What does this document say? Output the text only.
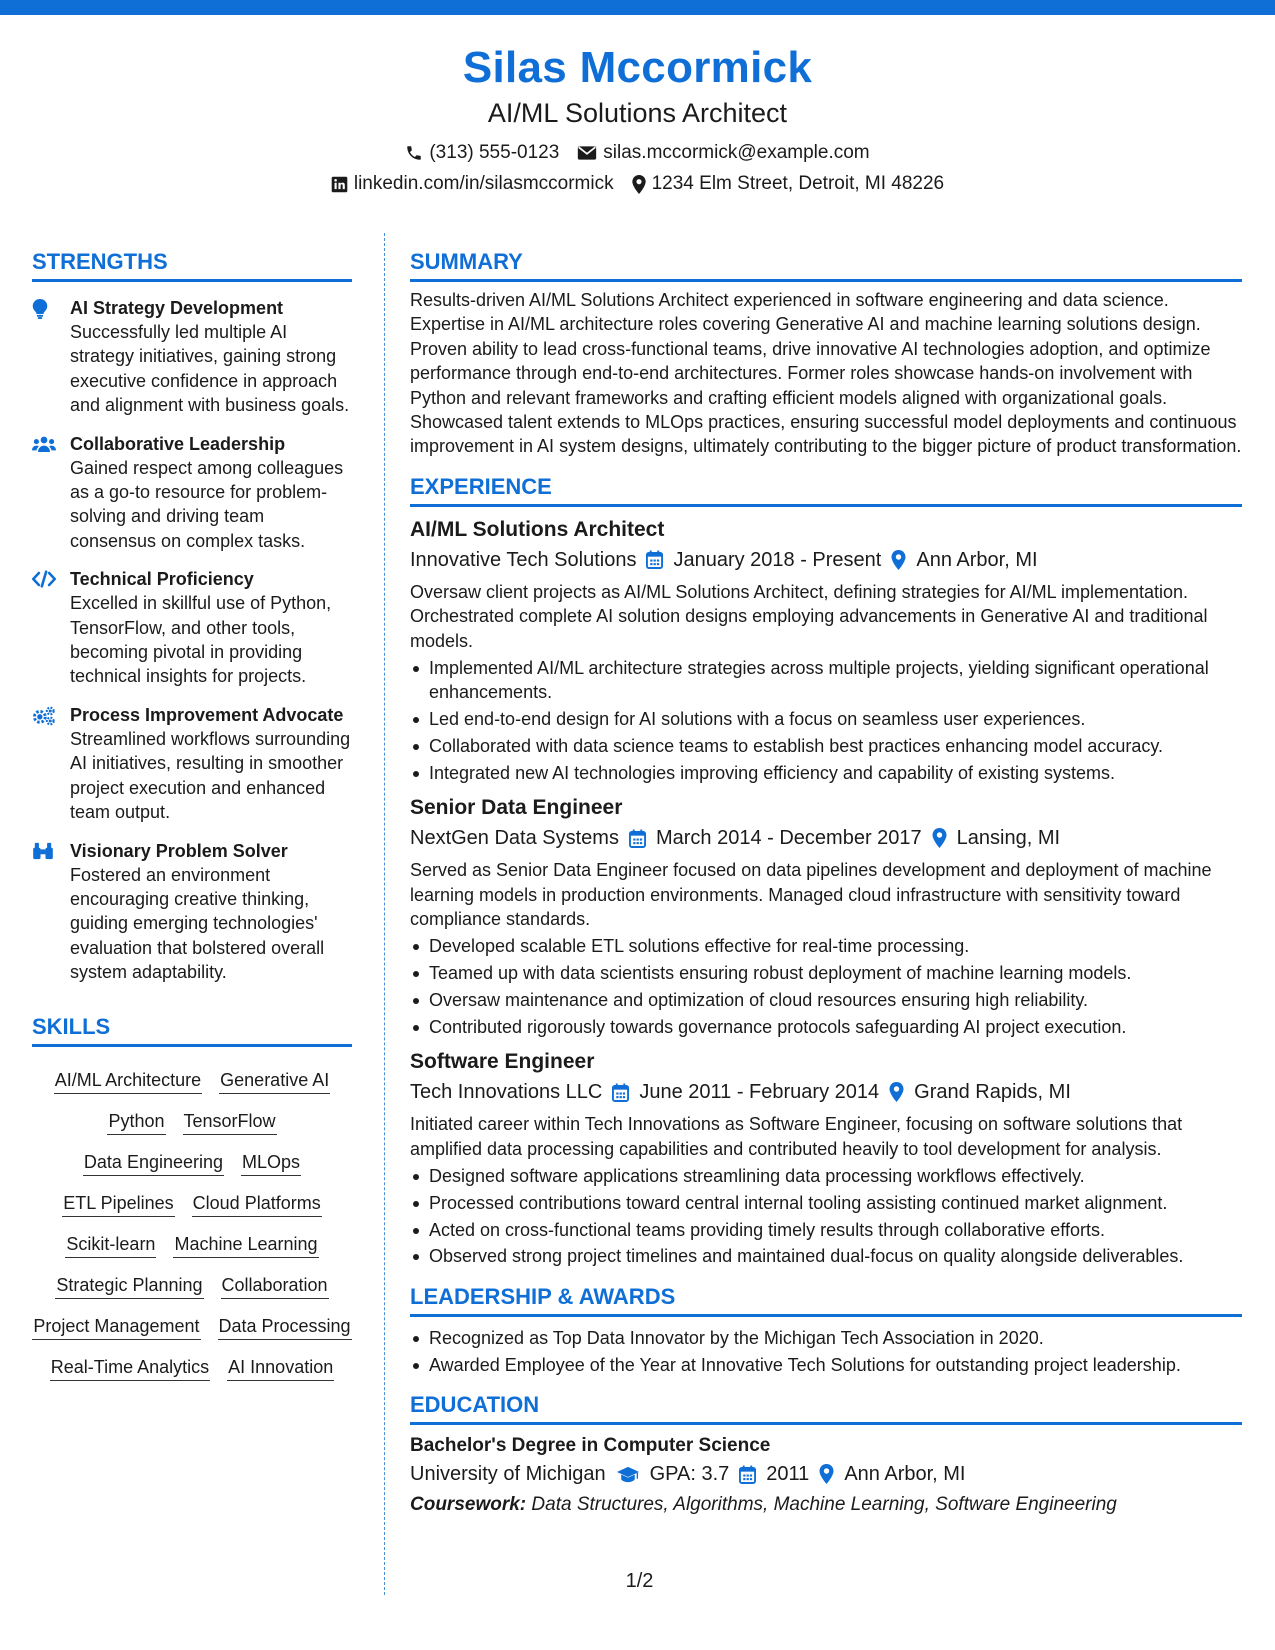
Silas Mccormick
AI/ML Solutions Architect
(313) 555-0123 silas.mccormick@example.com
linkedin.com/in/silasmccormick 1234 Elm Street, Detroit, MI 48226
STRENGTHS
AI Strategy Development
Successfully led multiple AI strategy initiatives, gaining strong executive confidence in approach and alignment with business goals.
Collaborative Leadership
Gained respect among colleagues as a go-to resource for problem-solving and driving team consensus on complex tasks.
Technical Proficiency
Excelled in skillful use of Python, TensorFlow, and other tools, becoming pivotal in providing technical insights for projects.
Process Improvement Advocate
Streamlined workflows surrounding AI initiatives, resulting in smoother project execution and enhanced team output.
Visionary Problem Solver
Fostered an environment encouraging creative thinking, guiding emerging technologies' evaluation that bolstered overall system adaptability.
SKILLS
AI/ML Architecture Generative AI
Python TensorFlow
Data Engineering MLOps
ETL Pipelines Cloud Platforms
Scikit-learn Machine Learning
Strategic Planning Collaboration
Project Management Data Processing
Real-Time Analytics AI Innovation
SUMMARY
Results-driven AI/ML Solutions Architect experienced in software engineering and data science. Expertise in AI/ML architecture roles covering Generative AI and machine learning solutions design. Proven ability to lead cross-functional teams, drive innovative AI technologies adoption, and optimize performance through end-to-end architectures. Former roles showcase hands-on involvement with Python and relevant frameworks and crafting efficient models aligned with organizational goals. Showcased talent extends to MLOps practices, ensuring successful model deployments and continuous improvement in AI system designs, ultimately contributing to the bigger picture of product transformation.
EXPERIENCE
AI/ML Solutions Architect
Innovative Tech Solutions January 2018 - Present Ann Arbor, MI
Oversaw client projects as AI/ML Solutions Architect, defining strategies for AI/ML implementation. Orchestrated complete AI solution designs employing advancements in Generative AI and traditional models.
Implemented AI/ML architecture strategies across multiple projects, yielding significant operational enhancements.
Led end-to-end design for AI solutions with a focus on seamless user experiences.
Collaborated with data science teams to establish best practices enhancing model accuracy.
Integrated new AI technologies improving efficiency and capability of existing systems.
Senior Data Engineer
NextGen Data Systems March 2014 - December 2017 Lansing, MI
Served as Senior Data Engineer focused on data pipelines development and deployment of machine learning models in production environments. Managed cloud infrastructure with sensitivity toward compliance standards.
Developed scalable ETL solutions effective for real-time processing.
Teamed up with data scientists ensuring robust deployment of machine learning models.
Oversaw maintenance and optimization of cloud resources ensuring high reliability.
Contributed rigorously towards governance protocols safeguarding AI project execution.
Software Engineer
Tech Innovations LLC June 2011 - February 2014 Grand Rapids, MI
Initiated career within Tech Innovations as Software Engineer, focusing on software solutions that amplified data processing capabilities and contributed heavily to tool development for analysis.
Designed software applications streamlining data processing workflows effectively.
Processed contributions toward central internal tooling assisting continued market alignment.
Acted on cross-functional teams providing timely results through collaborative efforts.
Observed strong project timelines and maintained dual-focus on quality alongside deliverables.
LEADERSHIP & AWARDS
Recognized as Top Data Innovator by the Michigan Tech Association in 2020.
Awarded Employee of the Year at Innovative Tech Solutions for outstanding project leadership.
EDUCATION
Bachelor's Degree in Computer Science
University of Michigan GPA: 3.7 2011 Ann Arbor, MI
Coursework: Data Structures, Algorithms, Machine Learning, Software Engineering
1/2
